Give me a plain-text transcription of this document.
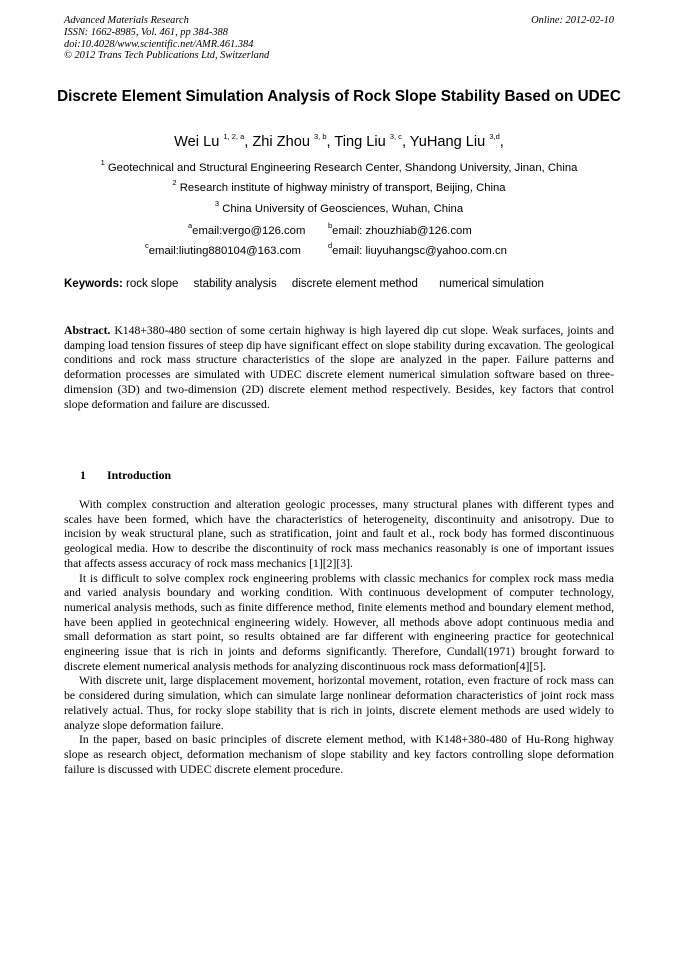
Advanced Materials Research
ISSN: 1662-8985, Vol. 461, pp 384-388
doi:10.4028/www.scientific.net/AMR.461.384
© 2012 Trans Tech Publications Ltd, Switzerland
Online: 2012-02-10
Discrete Element Simulation Analysis of Rock Slope Stability Based on UDEC
Wei Lu $^{1, 2, a}$, Zhi Zhou $^{3, b}$, Ting Liu $^{3, c}$, YuHang Liu $^{3,d}$,
$^1$ Geotechnical and Structural Engineering Research Center, Shandong University, Jinan, China
$^2$ Research institute of highway ministry of transport, Beijing, China
$^3$ China University of Geosciences, Wuhan, China
$^a$email:vergo@126.com	$^b$email: zhouzhiab@126.com
$^c$email:liuting880104@163.com	$^d$email: liuyuhangsc@yahoo.com.cn
Keywords: rock slope stability analysis discrete element method numerical simulation

Abstract. K148+380-480 section of some certain highway is high layered dip cut slope. Weak surfaces, joints and damping load tension fissures of steep dip have significant effect on slope stability during excavation. The geological conditions and rock mass structure characteristics of the slope are analyzed in the paper. Failure patterns and deformation processes are simulated with UDEC discrete element numerical simulation software based on three-dimension (3D) and two-dimension (2D) discrete element method respectively. Besides, key factors that control slope deformation and failure are discussed.

1 Introduction

With complex construction and alteration geologic processes, many structural planes with different types and scales have been formed, which have the characteristics of heterogeneity, discontinuity and anisotropy. Due to incision by weak structural plane, such as stratification, joint and fault et al., rock body has formed discontinuous geological media. How to describe the discontinuity of rock mass mechanics reasonably is one of important issues that affects assess accuracy of rock mass mechanics [1][2][3].

It is difficult to solve complex rock engineering problems with classic mechanics for complex rock mass media and varied analysis boundary and working condition. With continuous development of computer technology, numerical analysis methods, such as finite difference method, finite elements method and boundary element method, have been applied in geotechnical engineering widely. However, all methods above adopt continuous media and small deformation as start point, so results obtained are far different with engineering practice for geotechnical engineering issue that is rich in joints and deforms significantly. Therefore, Cundall(1971) brought forward to discrete element numerical analysis methods for analyzing discontinuous rock mass deformation[4][5].

With discrete unit, large displacement movement, horizontal movement, rotation, even fracture of rock mass can be considered during simulation, which can simulate large nonlinear deformation characteristics of joint rock mass relatively actual. Thus, for rocky slope stability that is rich in joints, discrete element methods are used widely to analyze slope deformation failure.

In the paper, based on basic principles of discrete element method, with K148+380-480 of Hu-Rong highway slope as research object, deformation mechanism of slope stability and key factors controlling slope deformation failure is discussed with UDEC discrete element procedure.
